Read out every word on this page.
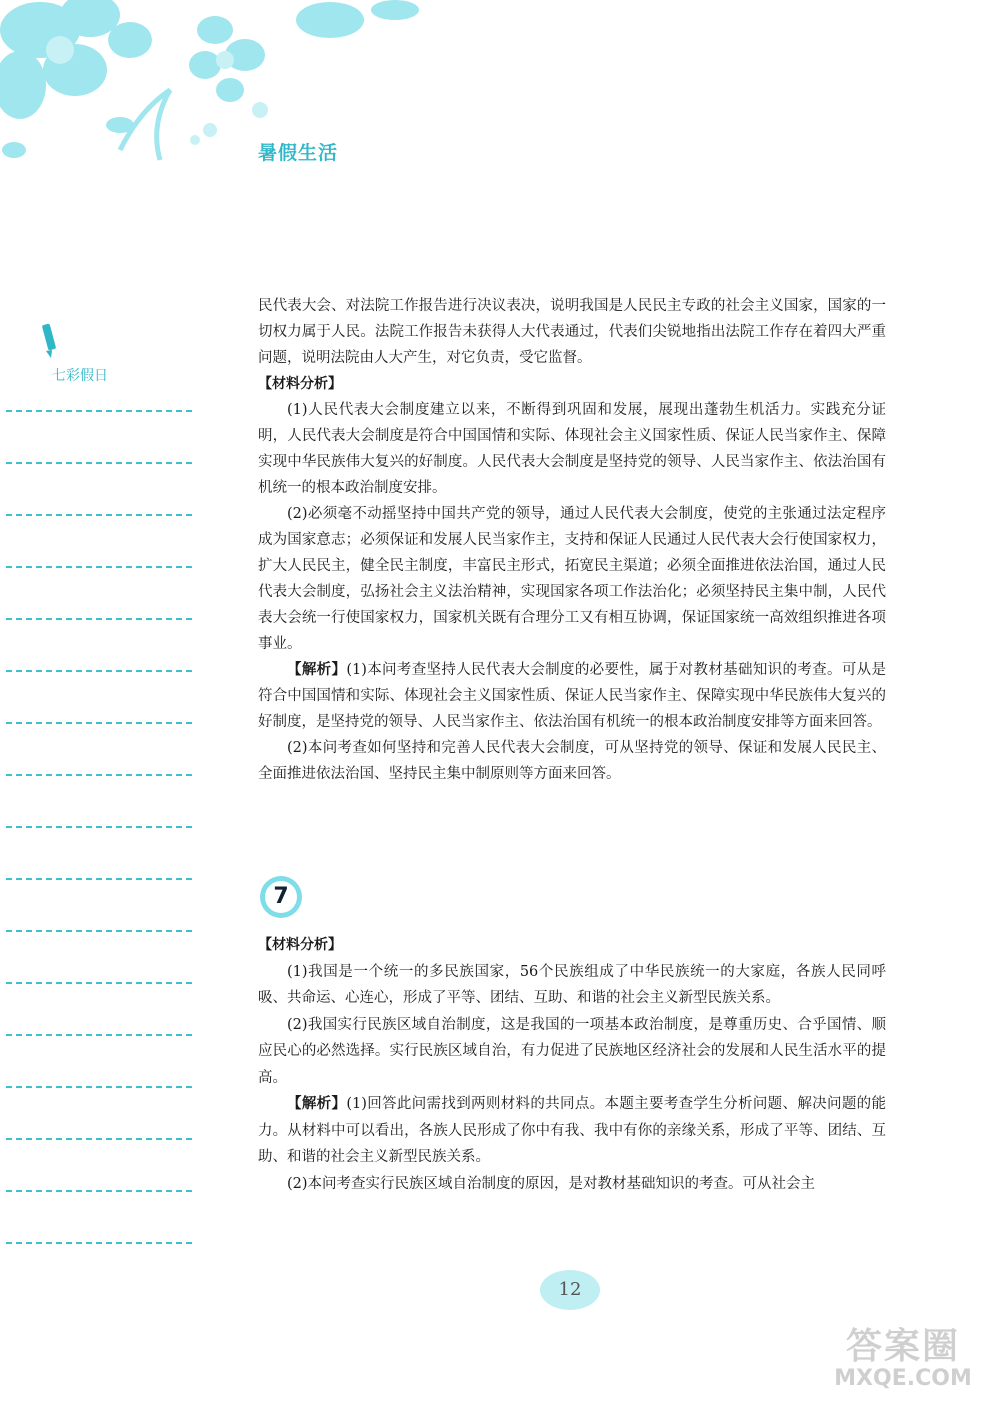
暑假生活
七彩假日

民代表大会、对法院工作报告进行决议表决，说明我国是人民民主专政的社会主义国家，国家的一切权力属于人民。法院工作报告未获得人大代表通过，代表们尖锐地指出法院工作存在着四大严重问题，说明法院由人大产生，对它负责，受它监督。

【材料分析】

(1)人民代表大会制度建立以来，不断得到巩固和发展，展现出蓬勃生机活力。实践充分证明，人民代表大会制度是符合中国国情和实际、体现社会主义国家性质、保证人民当家作主、保障实现中华民族伟大复兴的好制度。人民代表大会制度是坚持党的领导、人民当家作主、依法治国有机统一的根本政治制度安排。

(2)必须毫不动摇坚持中国共产党的领导，通过人民代表大会制度，使党的主张通过法定程序成为国家意志；必须保证和发展人民当家作主，支持和保证人民通过人民代表大会行使国家权力，扩大人民民主，健全民主制度，丰富民主形式，拓宽民主渠道；必须全面推进依法治国，通过人民代表大会制度，弘扬社会主义法治精神，实现国家各项工作法治化；必须坚持民主集中制，人民代表大会统一行使国家权力，国家机关既有合理分工又有相互协调，保证国家统一高效组织推进各项事业。

【解析】(1)本问考查坚持人民代表大会制度的必要性，属于对教材基础知识的考查。可从是符合中国国情和实际、体现社会主义国家性质、保证人民当家作主、保障实现中华民族伟大复兴的好制度，是坚持党的领导、人民当家作主、依法治国有机统一的根本政治制度安排等方面来回答。

(2)本问考查如何坚持和完善人民代表大会制度，可从坚持党的领导、保证和发展人民民主、全面推进依法治国、坚持民主集中制原则等方面来回答。

7

【材料分析】

(1)我国是一个统一的多民族国家，56个民族组成了中华民族统一的大家庭，各族人民同呼吸、共命运、心连心，形成了平等、团结、互助、和谐的社会主义新型民族关系。

(2)我国实行民族区域自治制度，这是我国的一项基本政治制度，是尊重历史、合乎国情、顺应民心的必然选择。实行民族区域自治，有力促进了民族地区经济社会的发展和人民生活水平的提高。

【解析】(1)回答此问需找到两则材料的共同点。本题主要考查学生分析问题、解决问题的能力。从材料中可以看出，各族人民形成了你中有我、我中有你的亲缘关系，形成了平等、团结、互助、和谐的社会主义新型民族关系。

(2)本问考查实行民族区域自治制度的原因，是对教材基础知识的考查。可从社会主

12
答案圈
MXQE.COM
